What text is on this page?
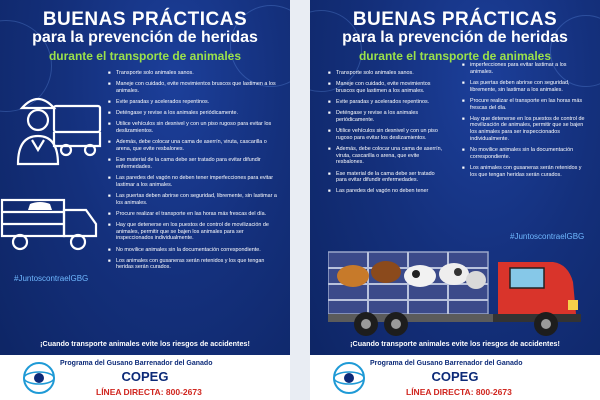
BUENAS PRÁCTICAS
para la prevención de heridas
durante el transporte de animales
#JuntoscontraelGBG
■ Transporte solo animales sanos.
■ Maneje con cuidado, evite movimientos bruscos que lastimen a los animales.
■ Evite paradas y acelerados repentinos.
■ Deténgase y revise a los animales periódicamente.
■ Utilice vehículos sin desnivel y con un piso rugoso para evitar los deslizamientos.
■ Además, debe colocar una cama de aserrín, viruta, cascarilla o arena, que evite resbalones.
■ Ese material de la cama debe ser tratado para evitar difundir enfermedades.
■ Las paredes del vagón no deben tener imperfecciones para evitar lastimar a los animales.
■ Las puertas deben abrirse con seguridad, libremente, sin lastimar a los animales.
■ Procure realizar el transporte en las horas más frescas del día.
■ Hay que detenerse en los puestos de control de movilización de animales, permitir que se bajen los animales para ser inspeccionados individualmente.
■ No movilice animales sin la documentación correspondiente.
■ Los animales con gusaneras serán retenidos y los que tengan heridas serán curados.
¡Cuando transporte animales evite los riesgos de accidentes!
Programa del Gusano Barrenador del Ganado
COPEG
LÍNEA DIRECTA: 800-2673
BUENAS PRÁCTICAS
para la prevención de heridas
durante el transporte de animales
■ Transporte solo animales sanos.
■ Maneje con cuidado, evite movimientos bruscos que lastimen a los animales.
■ Evite paradas y acelerados repentinos.
■ Deténgase y revise a los animales periódicamente.
■ Utilice vehículos sin desnivel y con un piso rugoso para evitar los deslizamientos.
■ Además, debe colocar una cama de aserrín, viruta, cascarilla o arena, que evite resbalones.
■ Ese material de la cama debe ser tratado para evitar difundir enfermedades.
■ Las paredes del vagón no deben tener
■ imperfecciones para evitar lastimar a los animales.
■ Las puertas deben abrirse con seguridad, libremente, sin lastimar a los animales.
■ Procure realizar el transporte en las horas más frescas del día.
■ Hay que detenerse en los puestos de control de movilización de animales, permitir que se bajen los animales para ser inspeccionados individualmente.
■ No movilice animales sin la documentación correspondiente.
■ Los animales con gusaneras serán retenidos y los que tengan heridas serán curados.
#JuntoscontraelGBG
¡Cuando transporte animales evite los riesgos de accidentes!
Programa del Gusano Barrenador del Ganado
COPEG
LÍNEA DIRECTA: 800-2673
